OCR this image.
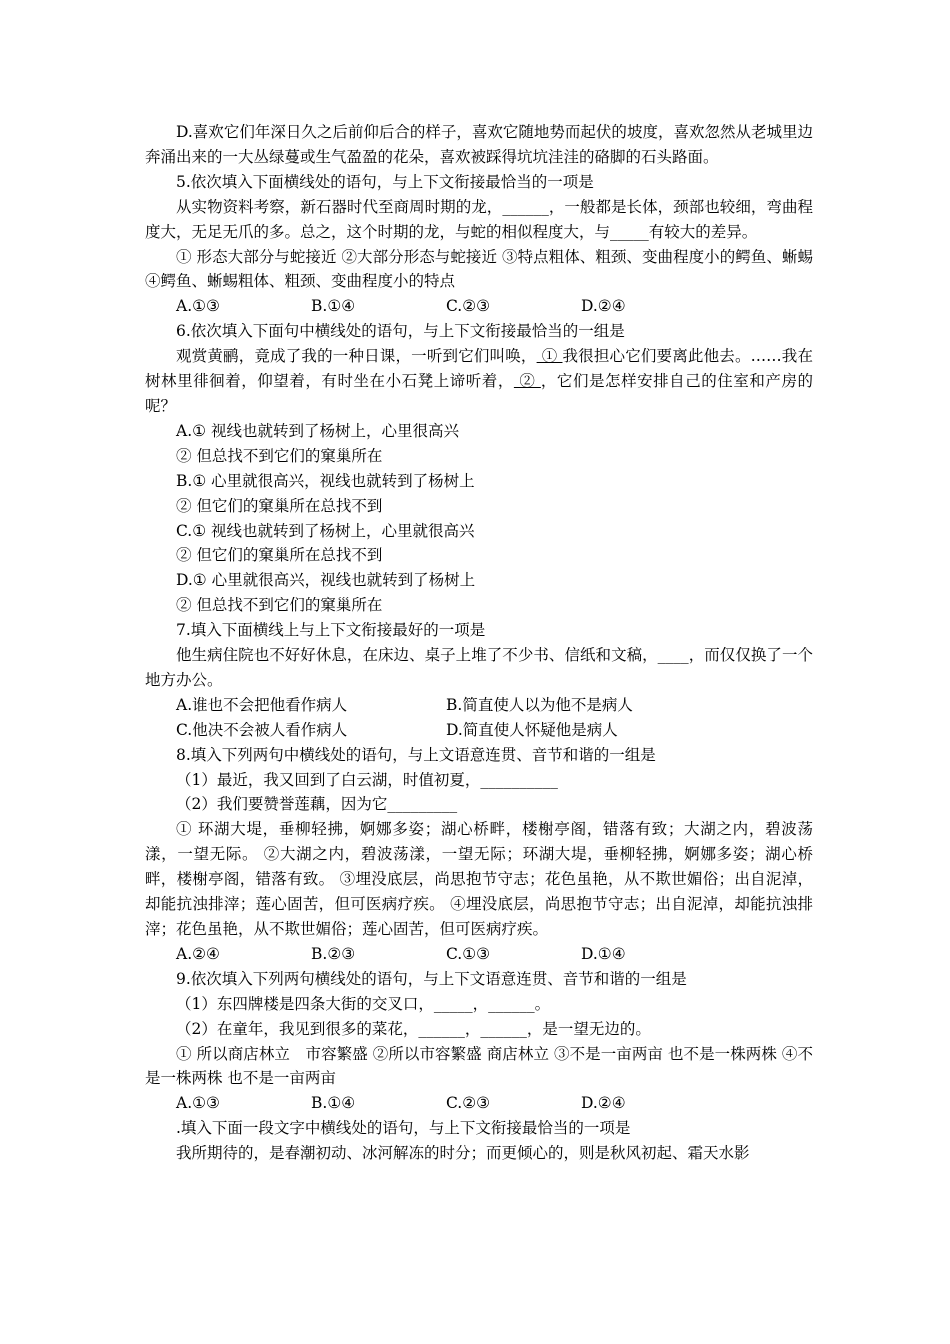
D.喜欢它们年深日久之后前仰后合的样子，喜欢它随地势而起伏的坡度，喜欢忽然从老城里边奔涌出来的一大丛绿蔓或生气盈盈的花朵，喜欢被踩得坑坑洼洼的硌脚的石头路面。

5.依次填入下面横线处的语句，与上下文衔接最恰当的一项是

从实物资料考察，新石器时代至商周时期的龙，______，一般都是长体，颈部也较细，弯曲程度大，无足无爪的多。总之，这个时期的龙，与蛇的相似程度大，与_____有较大的差异。

① 形态大部分与蛇接近 ②大部分形态与蛇接近 ③特点粗体、粗颈、变曲程度小的鳄鱼、蜥蜴 ④鳄鱼、蜥蜴粗体、粗颈、变曲程度小的特点

A.①③	B.①④	C.②③	D.②④

6.依次填入下面句中横线处的语句，与上下文衔接最恰当的一组是

观赏黄鹂，竟成了我的一种日课，一听到它们叫唤， ① 我很担心它们要离此他去。……我在树林里徘徊着，仰望着，有时坐在小石凳上谛听着， ② ，它们是怎样安排自己的住室和产房的呢？

A.① 视线也就转到了杨树上，心里很高兴

② 但总找不到它们的窠巢所在

B.① 心里就很高兴，视线也就转到了杨树上

② 但它们的窠巢所在总找不到

C.① 视线也就转到了杨树上，心里就很高兴

② 但它们的窠巢所在总找不到

D.① 心里就很高兴，视线也就转到了杨树上

② 但总找不到它们的窠巢所在

7.填入下面横线上与上下文衔接最好的一项是

他生病住院也不好好休息，在床边、桌子上堆了不少书、信纸和文稿，____，而仅仅换了一个地方办公。

A.谁也不会把他看作病人	B.简直使人以为他不是病人
C.他决不会被人看作病人	D.简直使人怀疑他是病人

8.填入下列两句中横线处的语句，与上文语意连贯、音节和谐的一组是

（1）最近，我又回到了白云湖，时值初夏，__________

（2）我们要赞誉莲藕，因为它_________

① 环湖大堤，垂柳轻拂，婀娜多姿；湖心桥畔，楼榭亭阁，错落有致；大湖之内，碧波荡漾，一望无际。 ②大湖之内，碧波荡漾，一望无际；环湖大堤，垂柳轻拂，婀娜多姿；湖心桥畔，楼榭亭阁，错落有致。 ③埋没底层，尚思抱节守志；花色虽艳，从不欺世媚俗；出自泥淖，却能抗浊排滓；莲心固苦，但可医病疗疾。 ④埋没底层，尚思抱节守志；出自泥淖，却能抗浊排滓；花色虽艳，从不欺世媚俗；莲心固苦，但可医病疗疾。

A.②④	B.②③	C.①③	D.①④

9.依次填入下列两句横线处的语句，与上下文语意连贯、音节和谐的一组是

（1）东四牌楼是四条大街的交叉口，_____，______。

（2）在童年，我见到很多的菜花，______，______，是一望无边的。

① 所以商店林立　市容繁盛 ②所以市容繁盛 商店林立 ③不是一亩两亩 也不是一株两株 ④不是一株两株 也不是一亩两亩

A.①③	B.①④	C.②③	D.②④

.填入下面一段文字中横线处的语句，与上下文衔接最恰当的一项是

我所期待的，是春潮初动、冰河解冻的时分；而更倾心的，则是秋风初起、霜天水影
